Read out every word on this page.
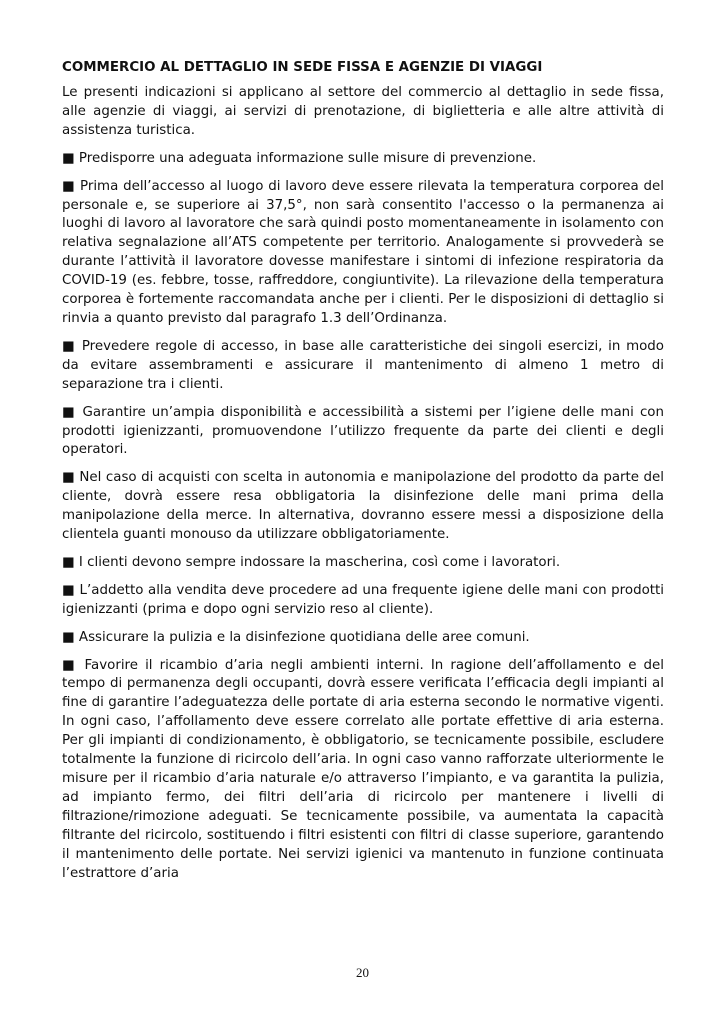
COMMERCIO AL DETTAGLIO IN SEDE FISSA E AGENZIE DI VIAGGI

Le presenti indicazioni si applicano al settore del commercio al dettaglio in sede fissa, alle agenzie di viaggi, ai servizi di prenotazione, di biglietteria e alle altre attività di assistenza turistica.

■ Predisporre una adeguata informazione sulle misure di prevenzione.

■ Prima dell’accesso al luogo di lavoro deve essere rilevata la temperatura corporea del personale e, se superiore ai 37,5°, non sarà consentito l'accesso o la permanenza ai luoghi di lavoro al lavoratore che sarà quindi posto momentaneamente in isolamento con relativa segnalazione all’ATS competente per territorio. Analogamente si provvederà se durante l’attività il lavoratore dovesse manifestare i sintomi di infezione respiratoria da COVID-19 (es. febbre, tosse, raffreddore, congiuntivite). La rilevazione della temperatura corporea è fortemente raccomandata anche per i clienti. Per le disposizioni di dettaglio si rinvia a quanto previsto dal paragrafo 1.3 dell’Ordinanza.

■ Prevedere regole di accesso, in base alle caratteristiche dei singoli esercizi, in modo da evitare assembramenti e assicurare il mantenimento di almeno 1 metro di separazione tra i clienti.

■ Garantire un’ampia disponibilità e accessibilità a sistemi per l’igiene delle mani con prodotti igienizzanti, promuovendone l’utilizzo frequente da parte dei clienti e degli operatori.

■ Nel caso di acquisti con scelta in autonomia e manipolazione del prodotto da parte del cliente, dovrà essere resa obbligatoria la disinfezione delle mani prima della manipolazione della merce. In alternativa, dovranno essere messi a disposizione della clientela guanti monouso da utilizzare obbligatoriamente.

■ I clienti devono sempre indossare la mascherina, così come i lavoratori.

■ L’addetto alla vendita deve procedere ad una frequente igiene delle mani con prodotti igienizzanti (prima e dopo ogni servizio reso al cliente).

■ Assicurare la pulizia e la disinfezione quotidiana delle aree comuni.

■ Favorire il ricambio d’aria negli ambienti interni. In ragione dell’affollamento e del tempo di permanenza degli occupanti, dovrà essere verificata l’efficacia degli impianti al fine di garantire l’adeguatezza delle portate di aria esterna secondo le normative vigenti. In ogni caso, l’affollamento deve essere correlato alle portate effettive di aria esterna. Per gli impianti di condizionamento, è obbligatorio, se tecnicamente possibile, escludere totalmente la funzione di ricircolo dell’aria. In ogni caso vanno rafforzate ulteriormente le misure per il ricambio d’aria naturale e/o attraverso l’impianto, e va garantita la pulizia, ad impianto fermo, dei filtri dell’aria di ricircolo per mantenere i livelli di filtrazione/rimozione adeguati. Se tecnicamente possibile, va aumentata la capacità filtrante del ricircolo, sostituendo i filtri esistenti con filtri di classe superiore, garantendo il mantenimento delle portate. Nei servizi igienici va mantenuto in funzione continuata l’estrattore d’aria

20
